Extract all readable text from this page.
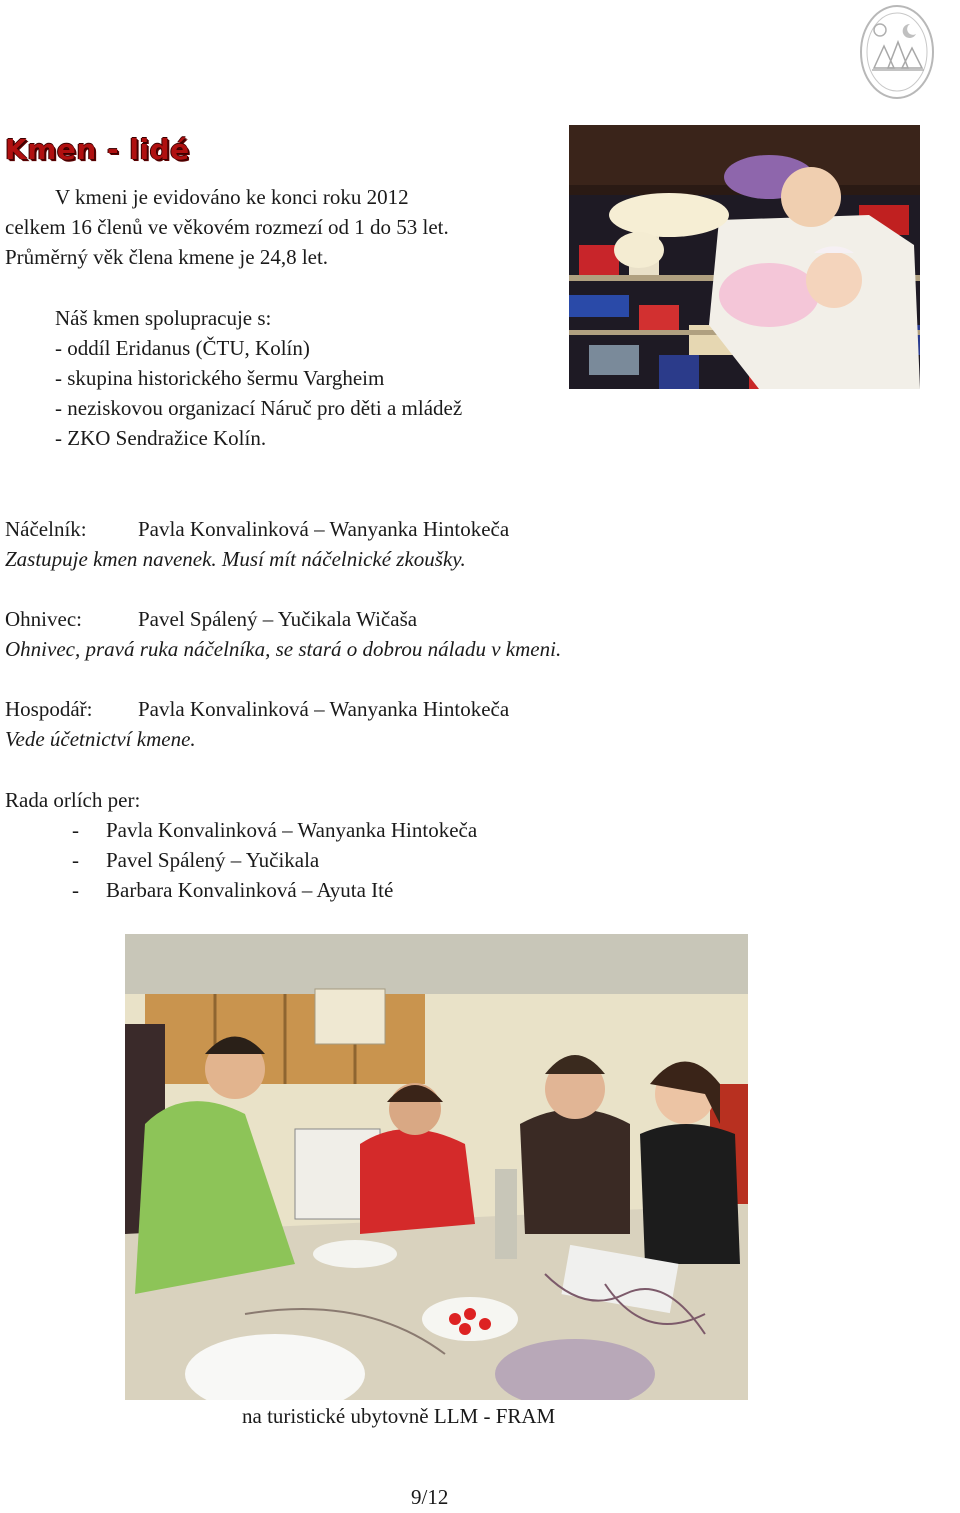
Kmen - lidé

V kmeni je evidováno ke konci roku 2012

celkem 16 členů ve věkovém rozmezí od 1 do 53 let.

Průměrný věk člena kmene je 24,8 let.

Náš kmen spolupracuje s:

- oddíl Eridanus (ČTU, Kolín)

- skupina historického šermu Vargheim

- neziskovou organizací Náruč pro děti a mládež

- ZKO Sendražice Kolín.

Náčelník: Pavla Konvalinková – Wanyanka Hintokeča

Zastupuje kmen navenek. Musí mít náčelnické zkoušky.

Ohnivec:	Pavel Spálený – Yučikala Wičaša

Ohnivec, pravá ruka náčelníka, se stará o dobrou náladu v kmeni.

Hospodář: Pavla Konvalinková – Wanyanka Hintokeča

Vede účetnictví kmene.

Rada orlích per:

- Pavla Konvalinková – Wanyanka Hintokeča
- Pavel Spálený – Yučikala
- Barbara Konvalinková – Ayuta Ité

na turistické ubytovně LLM - FRAM

9/12
